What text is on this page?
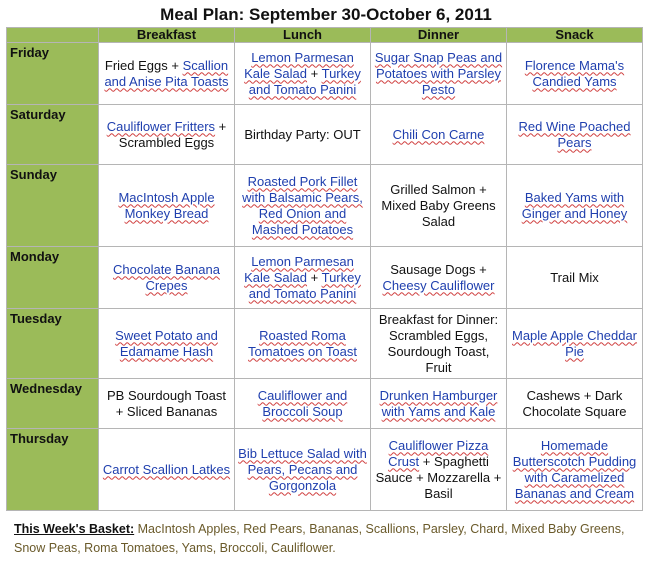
Meal Plan: September 30-October 6, 2011
	Breakfast	Lunch	Dinner	Snack
Friday	Fried Eggs + Scallion and Anise Pita Toasts	Lemon Parmesan Kale Salad + Turkey and Tomato Panini	Sugar Snap Peas and Potatoes with Parsley Pesto	Florence Mama's Candied Yams
Saturday	Cauliflower Fritters + Scrambled Eggs	Birthday Party: OUT	Chili Con Carne	Red Wine Poached Pears
Sunday	MacIntosh Apple Monkey Bread	Roasted Pork Fillet with Balsamic Pears, Red Onion and Mashed Potatoes	Grilled Salmon + Mixed Baby Greens Salad	Baked Yams with Ginger and Honey
Monday	Chocolate Banana Crepes	Lemon Parmesan Kale Salad + Turkey and Tomato Panini	Sausage Dogs + Cheesy Cauliflower	Trail Mix
Tuesday	Sweet Potato and Edamame Hash	Roasted Roma Tomatoes on Toast	Breakfast for Dinner: Scrambled Eggs, Sourdough Toast, Fruit	Maple Apple Cheddar Pie
Wednesday	PB Sourdough Toast + Sliced Bananas	Cauliflower and Broccoli Soup	Drunken Hamburger with Yams and Kale	Cashews + Dark Chocolate Square
Thursday	Carrot Scallion Latkes	Bib Lettuce Salad with Pears, Pecans and Gorgonzola	Cauliflower Pizza Crust + Spaghetti Sauce + Mozzarella + Basil	Homemade Butterscotch Pudding with Caramelized Bananas and Cream
This Week's Basket: MacIntosh Apples, Red Pears, Bananas, Scallions, Parsley, Chard, Mixed Baby Greens, Snow Peas, Roma Tomatoes, Yams, Broccoli, Cauliflower.
